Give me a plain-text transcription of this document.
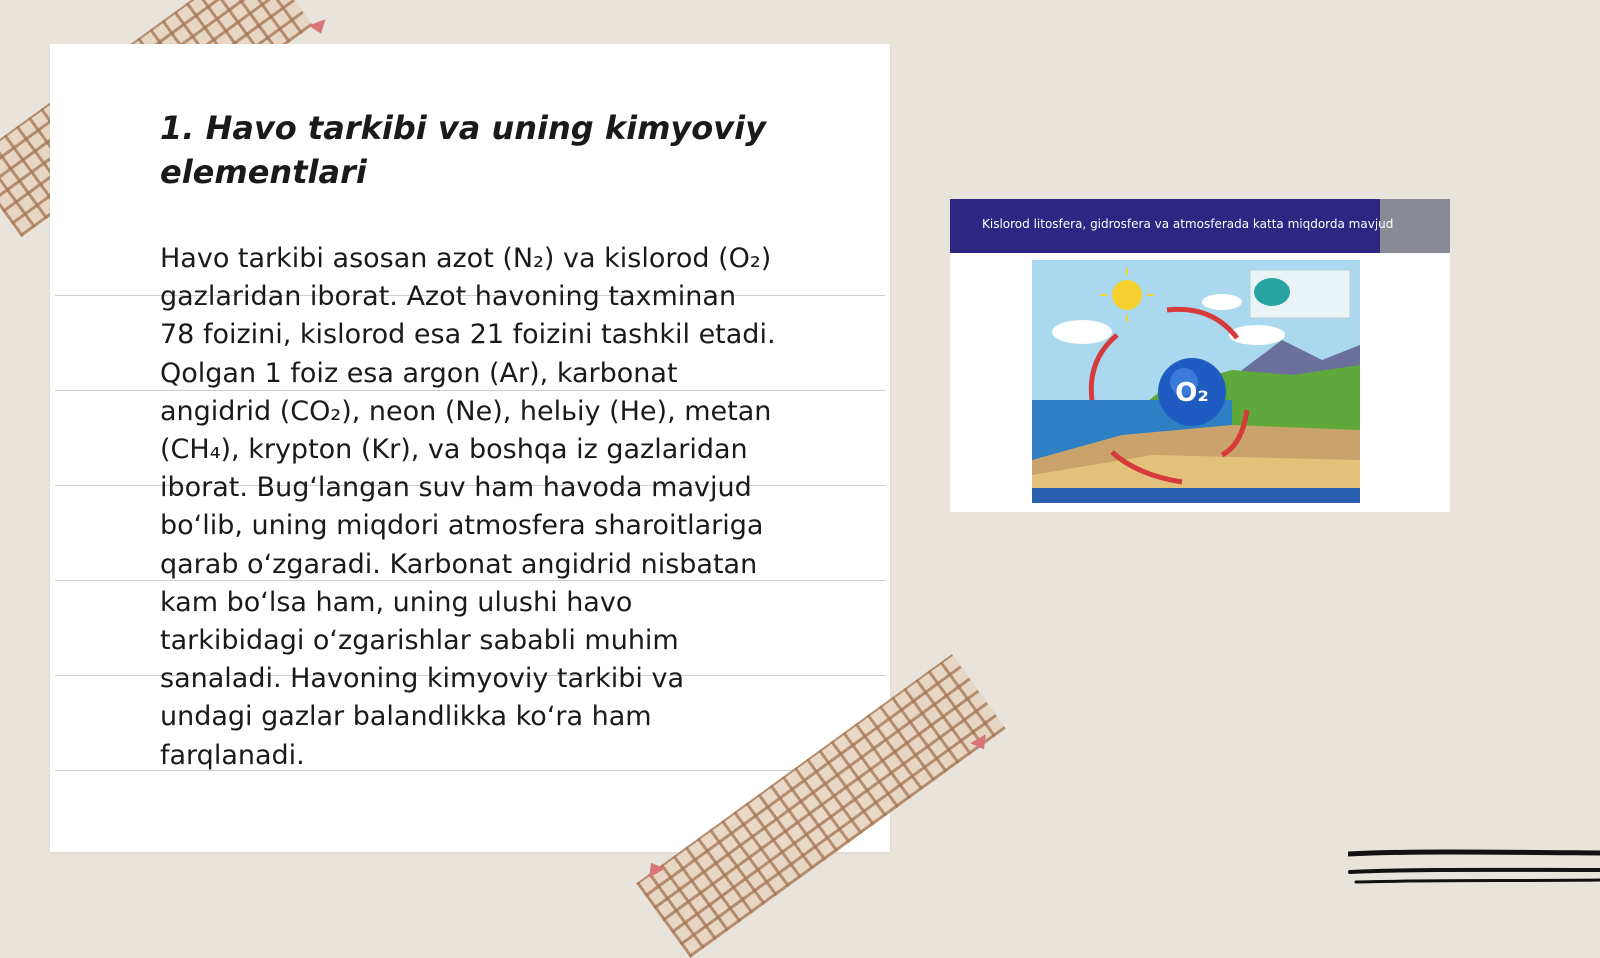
1. Havo tarkibi va uning kimyoviy elementlari
Havo tarkibi asosan azot (N₂) va kislorod (O₂)
gazlaridan iborat. Azot havoning taxminan
78 foizini, kislorod esa 21 foizini tashkil etadi.
Qolgan 1 foiz esa argon (Ar), karbonat
angidrid (CO₂), neon (Ne), helьiy (He), metan
(CH₄), krypton (Kr), va boshqa iz gazlaridan
iborat. Bugʻlangan suv ham havoda mavjud
boʻlib, uning miqdori atmosfera sharoitlariga
qarab oʻzgaradi. Karbonat angidrid nisbatan
kam boʻlsa ham, uning ulushi havo
tarkibidagi oʻzgarishlar sababli muhim
sanaladi. Havoning kimyoviy tarkibi va
undagi gazlar balandlikka koʻra ham
farqlanadi.
Kislorod litosfera, gidrosfera va atmosferada katta miqdorda mavjud
O₂
